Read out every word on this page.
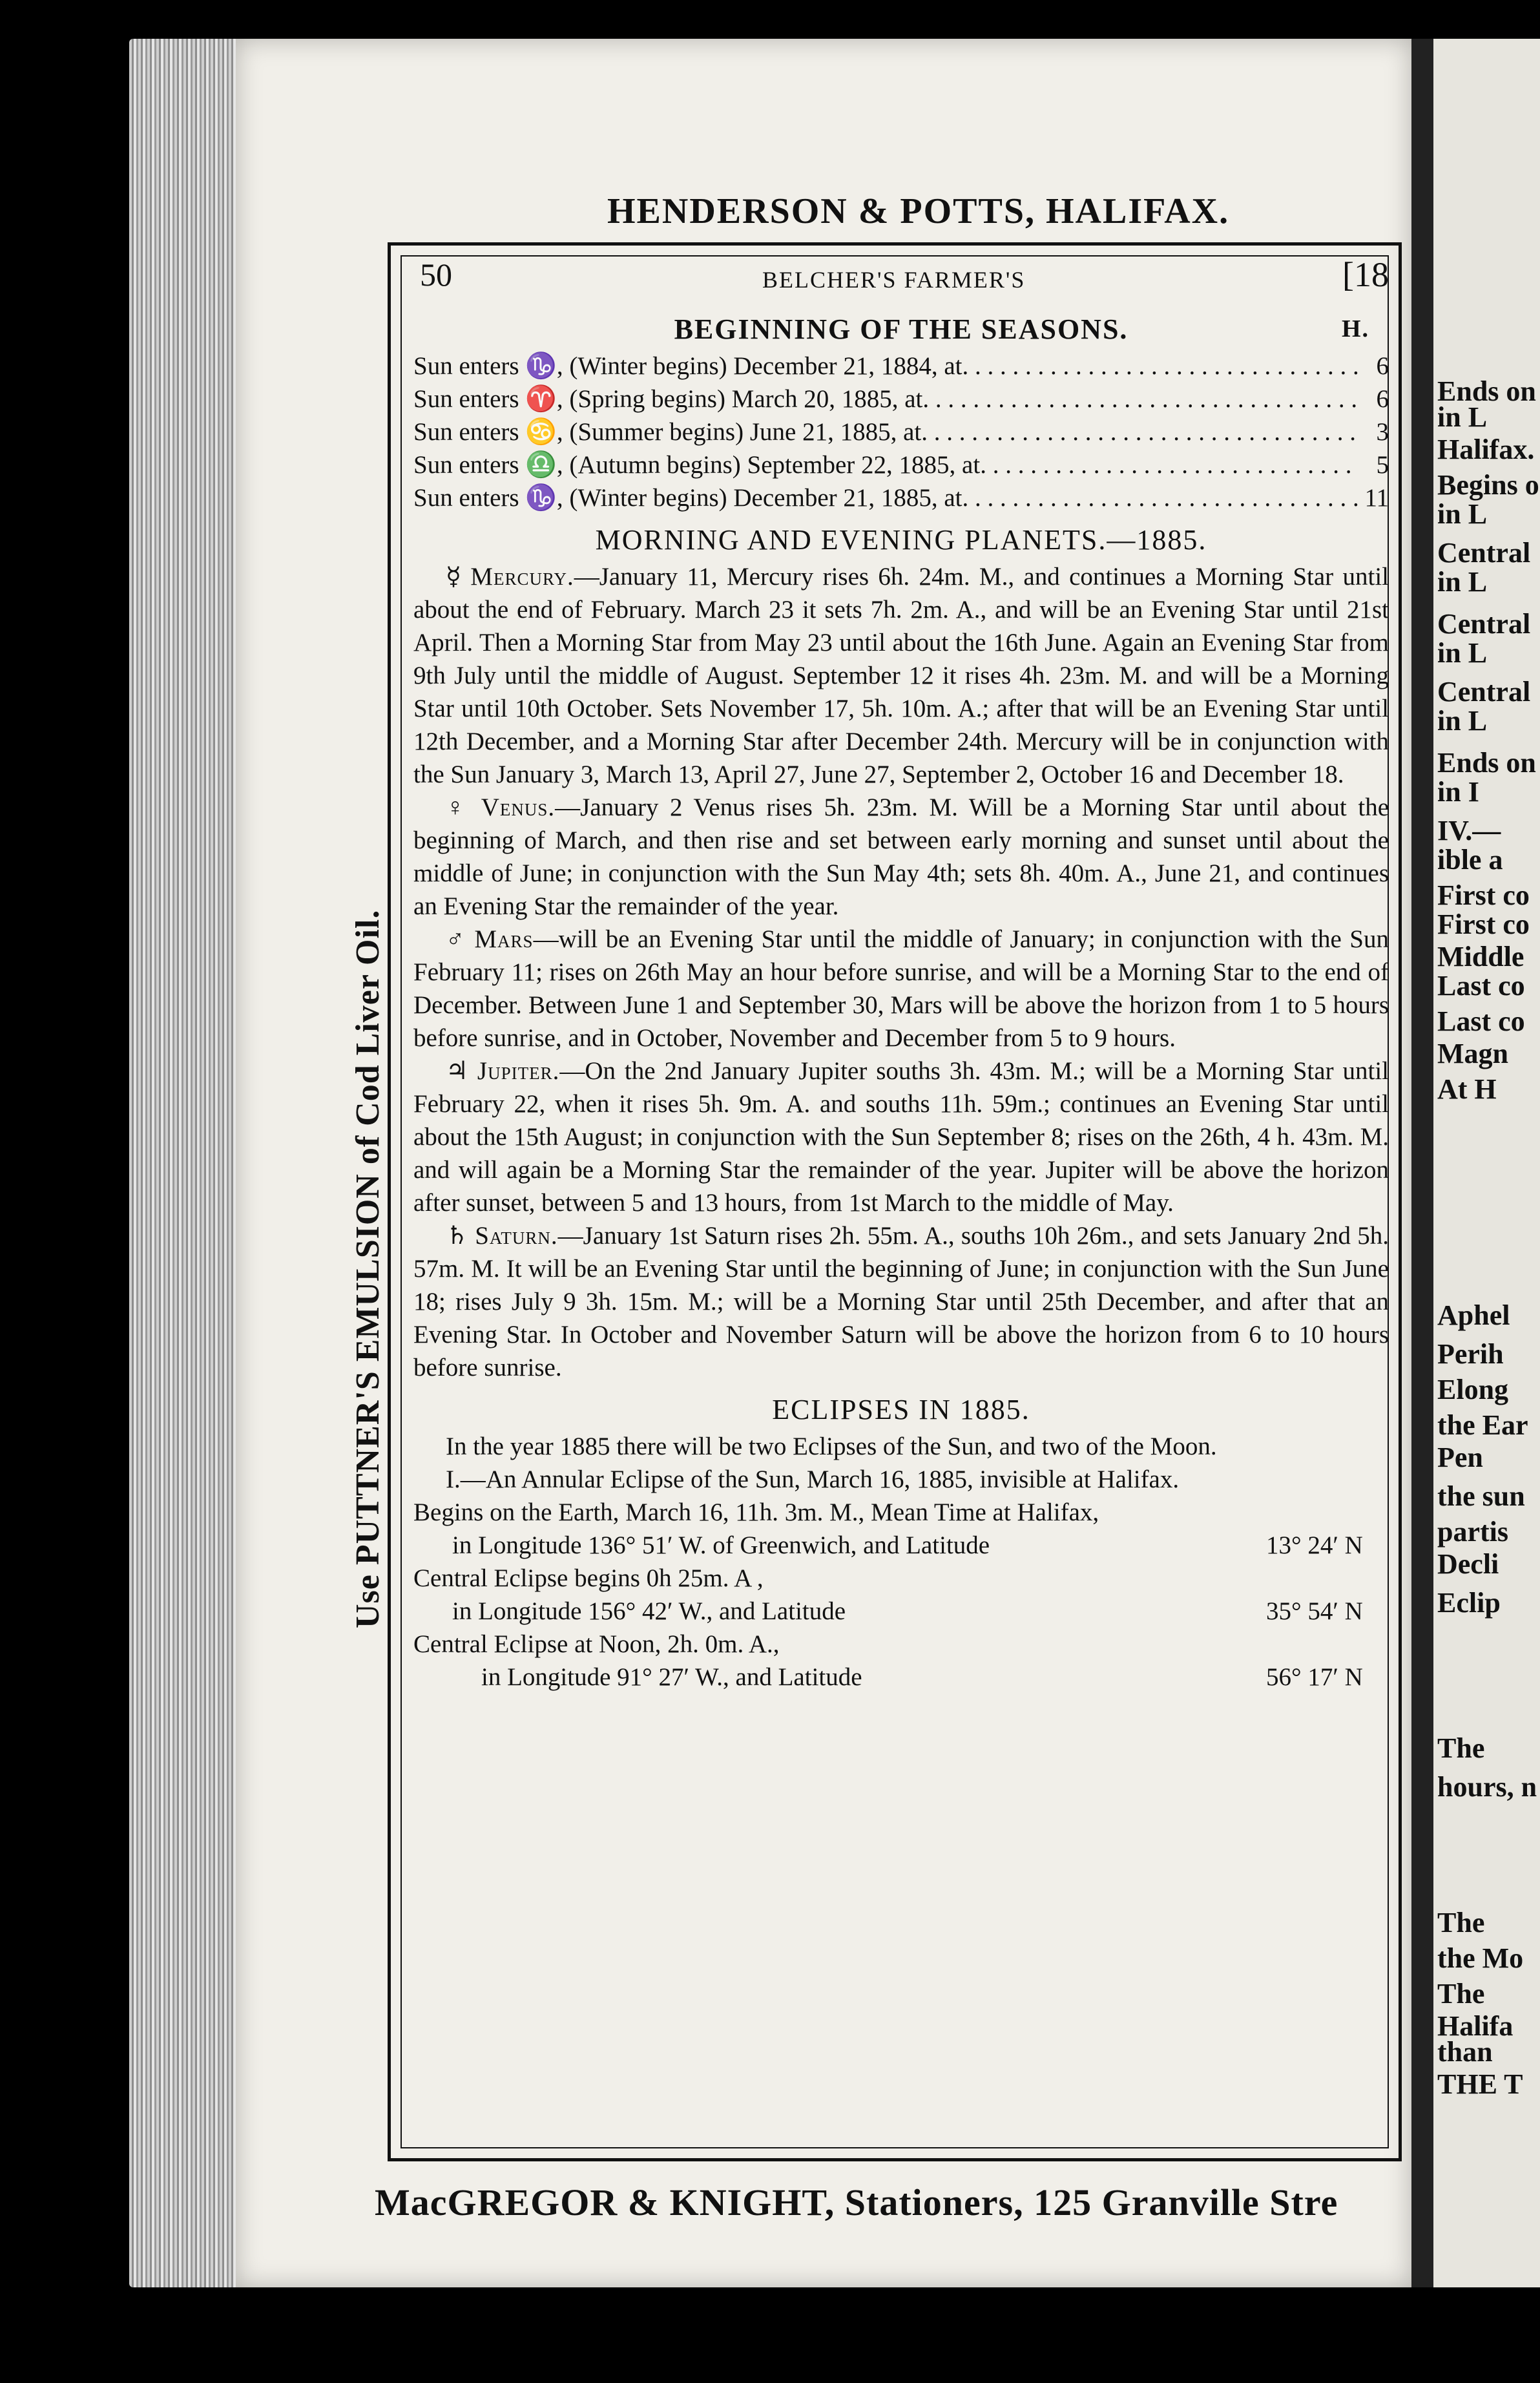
Ends on
in L
Halifax.
Begins o
in L
Central
in L
Central
in L
Central
in L
Ends on
in I
IV.—
ible a
First co
First co
Middle
Last co
Last co
Magn
At H
Aphel
Perih
Elong
the Ear
Pen
the sun
partis
Decli
Eclip
The
hours, n
The
the Mo
The
Halifa
than
THE T
HENDERSON & POTTS, HALIFAX.
Use PUTTNER'S EMULSION of Cod Liver Oil.
50	BELCHER'S FARMER'S	[18
BEGINNING OF THE SEASONS.	H.
Sun enters ♑, (Winter begins) December 21, 1884, at . . .	6
Sun enters ♈, (Spring begins) March 20, 1885, at . . .	6
Sun enters ♋, (Summer begins) June 21, 1885, at . . .	3
Sun enters ♎, (Autumn begins) September 22, 1885, at . . .	5
Sun enters ♑, (Winter begins) December 21, 1885, at . . .	11
MORNING AND EVENING PLANETS.—1885.

☿ Mercury.—January 11, Mercury rises 6h. 24m. M., and continues a Morning Star until about the end of February. March 23 it sets 7h. 2m. A., and will be an Evening Star until 21st April. Then a Morning Star from May 23 until about the 16th June. Again an Evening Star from 9th July until the middle of August. September 12 it rises 4h. 23m. M. and will be a Morning Star until 10th October. Sets November 17, 5h. 10m. A.; after that will be an Evening Star until 12th December, and a Morning Star after December 24th. Mercury will be in conjunction with the Sun January 3, March 13, April 27, June 27, September 2, October 16 and December 18.

♀ Venus.—January 2 Venus rises 5h. 23m. M. Will be a Morning Star until about the beginning of March, and then rise and set between early morning and sunset until about the middle of June; in conjunction with the Sun May 4th; sets 8h. 40m. A., June 21, and continues an Evening Star the remainder of the year.

♂ Mars—will be an Evening Star until the middle of January; in conjunction with the Sun February 11; rises on 26th May an hour before sunrise, and will be a Morning Star to the end of December. Between June 1 and September 30, Mars will be above the horizon from 1 to 5 hours before sunrise, and in October, November and December from 5 to 9 hours.

♃ Jupiter.—On the 2nd January Jupiter souths 3h. 43m. M.; will be a Morning Star until February 22, when it rises 5h. 9m. A. and souths 11h. 59m.; continues an Evening Star until about the 15th August; in conjunction with the Sun September 8; rises on the 26th, 4 h. 43m. M. and will again be a Morning Star the remainder of the year. Jupiter will be above the horizon after sunset, between 5 and 13 hours, from 1st March to the middle of May.

♄ Saturn.—January 1st Saturn rises 2h. 55m. A., souths 10h 26m., and sets January 2nd 5h. 57m. M. It will be an Evening Star until the beginning of June; in conjunction with the Sun June 18; rises July 9 3h. 15m. M.; will be a Morning Star until 25th December, and after that an Evening Star. In October and November Saturn will be above the horizon from 6 to 10 hours before sunrise.

ECLIPSES IN 1885.

In the year 1885 there will be two Eclipses of the Sun, and two of the Moon.

I.—An Annular Eclipse of the Sun, March 16, 1885, invisible at Halifax.

Begins on the Earth, March 16, 11h. 3m. M., Mean Time at Halifax,
in Longitude 136° 51′ W. of Greenwich, and Latitude	13° 24′ N
Central Eclipse begins 0h 25m. A ,
in Longitude 156° 42′ W., and Latitude	35° 54′ N
Central Eclipse at Noon, 2h. 0m. A.,
in Longitude 91° 27′ W., and Latitude	56° 17′ N
MacGREGOR & KNIGHT, Stationers, 125 Granville Stre
